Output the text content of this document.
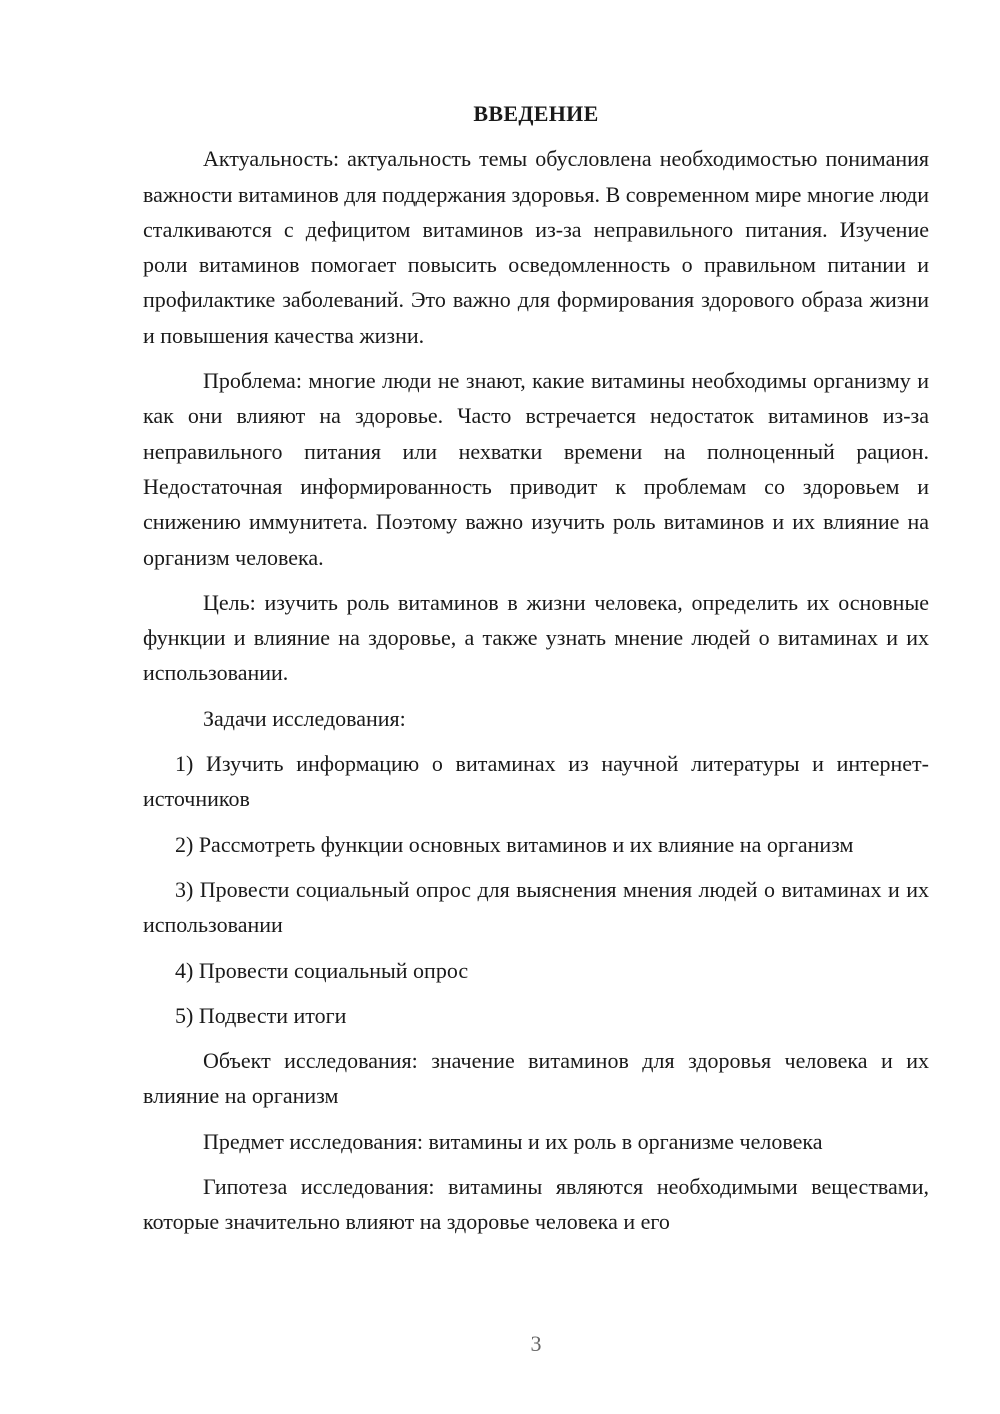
ВВЕДЕНИЕ

Актуальность: актуальность темы обусловлена необходимостью понимания важности витаминов для поддержания здоровья. В современном мире многие люди сталкиваются с дефицитом витаминов из-за неправильного питания. Изучение роли витаминов помогает повысить осведомленность о правильном питании и профилактике заболеваний. Это важно для формирования здорового образа жизни и повышения качества жизни.

Проблема: многие люди не знают, какие витамины необходимы организму и как они влияют на здоровье. Часто встречается недостаток витаминов из-за неправильного питания или нехватки времени на полноценный рацион. Недостаточная информированность приводит к проблемам со здоровьем и снижению иммунитета. Поэтому важно изучить роль витаминов и их влияние на организм человека.

Цель: изучить роль витаминов в жизни человека, определить их основные функции и влияние на здоровье, а также узнать мнение людей о витаминах и их использовании.

Задачи исследования:

1) Изучить информацию о витаминах из научной литературы и интернет-источников

2) Рассмотреть функции основных витаминов и их влияние на организм

3) Провести социальный опрос для выяснения мнения людей о витаминах и их использовании

4) Провести социальный опрос

5) Подвести итоги

Объект исследования: значение витаминов для здоровья человека и их влияние на организм

Предмет исследования: витамины и их роль в организме человека

Гипотеза исследования: витамины являются необходимыми веществами, которые значительно влияют на здоровье человека и его

3
